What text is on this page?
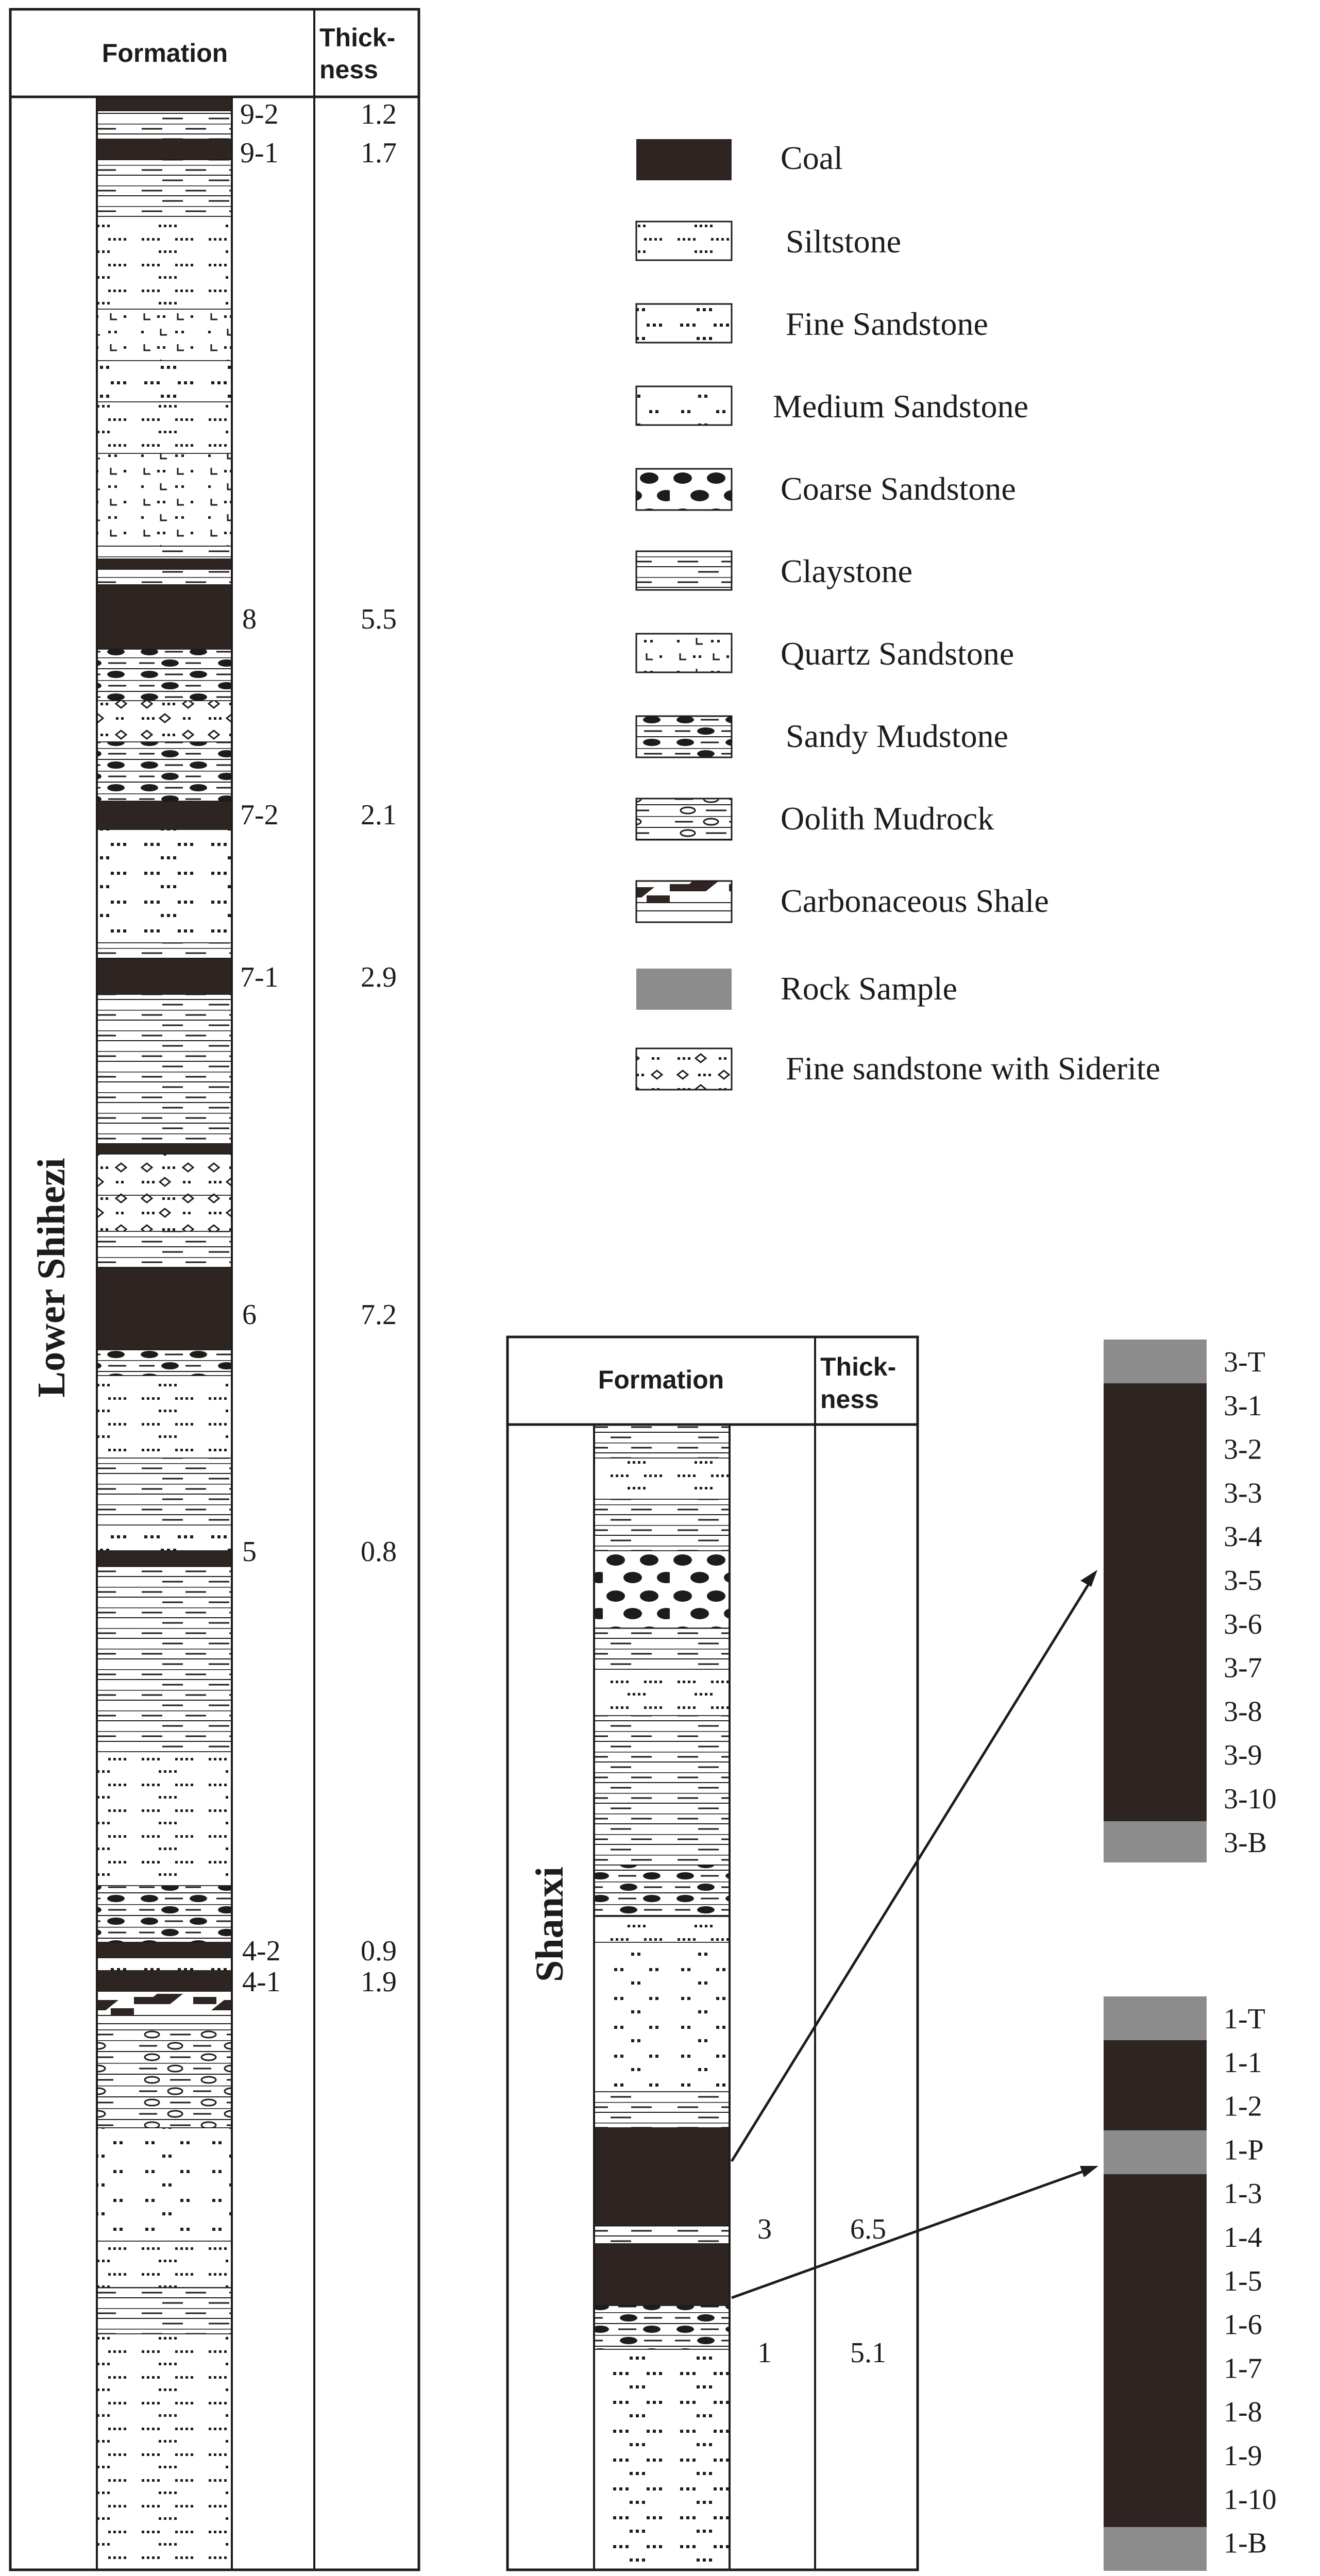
Formation
Thick-
ness
Lower Shihezi
9-2	1.2
9-1	1.7
8	5.5
7-2	2.1
7-1	2.9
6	7.2
5	0.8
4-2	0.9
4-1	1.9
Coal
Siltstone
Fine Sandstone
Medium Sandstone
Coarse Sandstone
Claystone
Quartz Sandstone
Sandy Mudstone
Oolith Mudrock
Carbonaceous Shale
Rock Sample
Fine sandstone with Siderite
Formation	Thick-
ness
Shanxi
3	6.5
1	5.1
3-T
3-1
3-2
3-3
3-4
3-5
3-6
3-7
3-8
3-9
3-10
3-B
1-T
1-1
1-2
1-P
1-3
1-4
1-5
1-6
1-7
1-8
1-9
1-10
1-B
